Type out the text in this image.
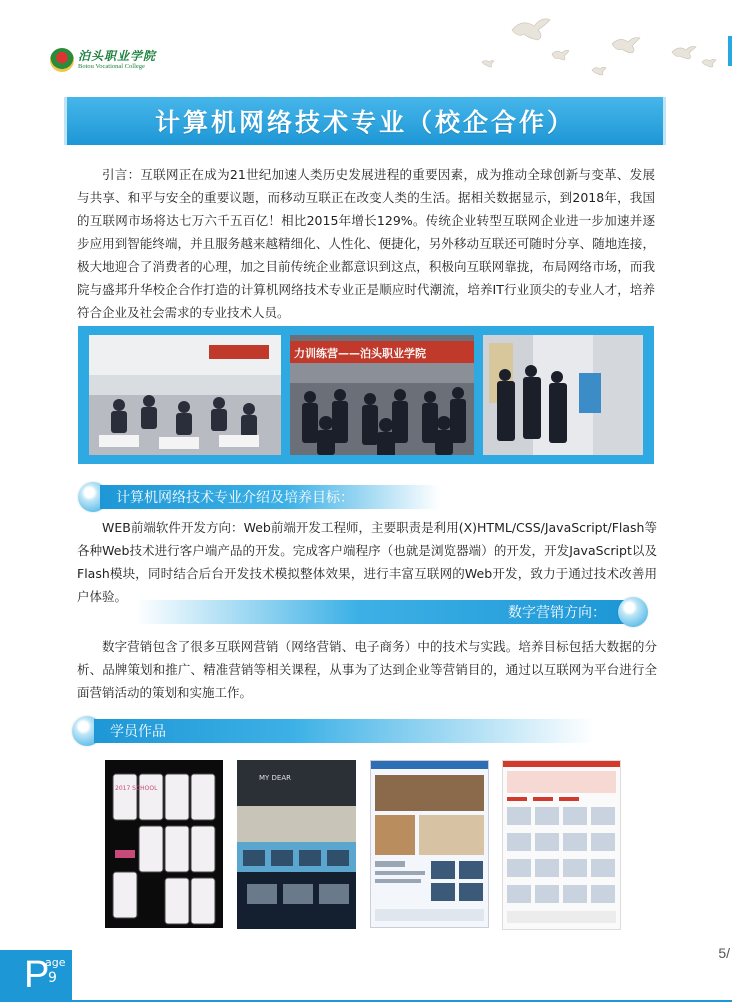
泊头职业学院
Botou Vocational College
计算机网络技术专业（校企合作）

引言：互联网正在成为21世纪加速人类历史发展进程的重要因素，成为推动全球创新与变革、发展与共享、和平与安全的重要议题，而移动互联正在改变人类的生活。据相关数据显示，到2018年，我国的互联网市场将达七万六千五百亿！相比2015年增长129%。传统企业转型互联网企业进一步加速并逐步应用到智能终端，并且服务越来越精细化、人性化、便捷化，另外移动互联还可随时分享、随地连接，极大地迎合了消费者的心理，加之目前传统企业都意识到这点，积极向互联网靠拢，布局网络市场，而我院与盛邦升华校企合作打造的计算机网络技术专业正是顺应时代潮流，培养IT行业顶尖的专业人才，培养符合企业及社会需求的专业技术人员。

力训练营——泊头职业学院
计算机网络技术专业介绍及培养目标：

WEB前端软件开发方向：Web前端开发工程师，主要职责是利用(X)HTML/CSS/JavaScript/Flash等各种Web技术进行客户端产品的开发。完成客户端程序（也就是浏览器端）的开发，开发JavaScript以及Flash模块，同时结合后台开发技术模拟整体效果，进行丰富互联网的Web开发，致力于通过技术改善用户体验。

数字营销方向：

数字营销包含了很多互联网营销（网络营销、电子商务）中的技术与实践。培养目标包括大数据的分析、品牌策划和推广、精准营销等相关课程，从事为了达到企业等营销目的，通过以互联网为平台进行全面营销活动的策划和实施工作。

学员作品
2017 SCHOOL
MY DEAR
P
age
9
5/
